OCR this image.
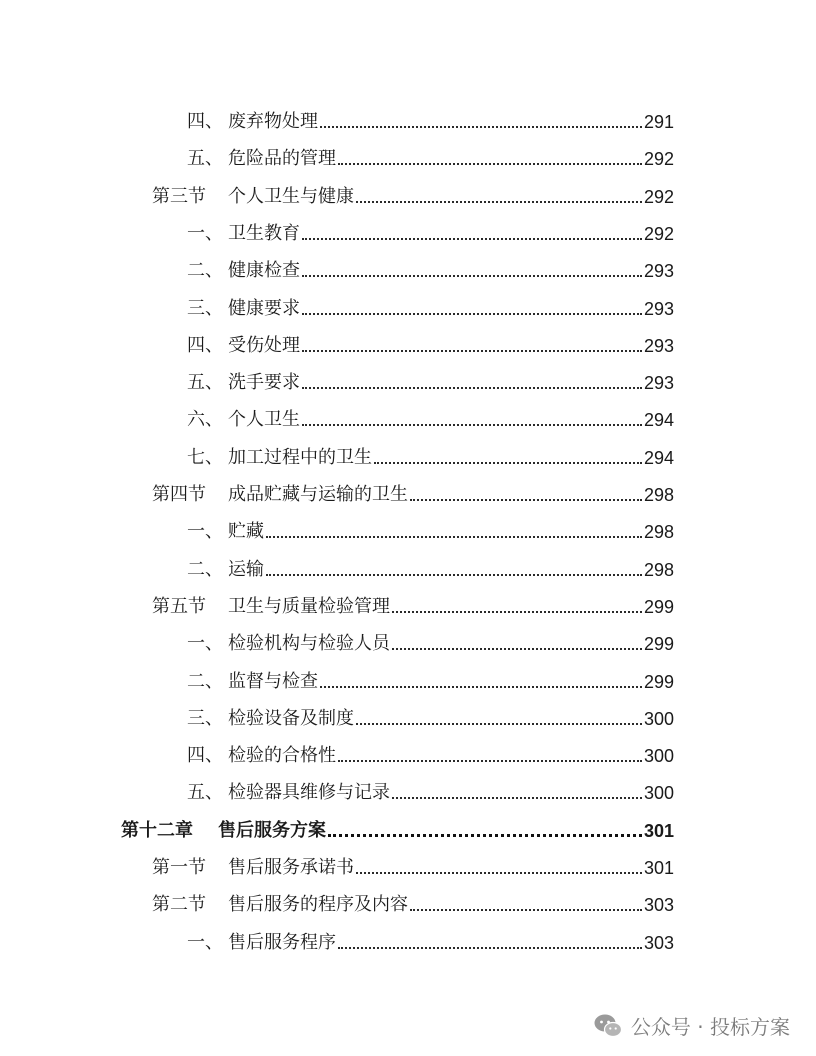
四、 废弃物处理	291
五、 危险品的管理	292
第三节	个人卫生与健康	292
一、 卫生教育	292
二、 健康检查	293
三、 健康要求	293
四、 受伤处理	293
五、 洗手要求	293
六、 个人卫生	294
七、 加工过程中的卫生	294
第四节	成品贮藏与运输的卫生	298
一、 贮藏	298
二、 运输	298
第五节	卫生与质量检验管理	299
一、 检验机构与检验人员	299
二、 监督与检查	299
三、 检验设备及制度	300
四、 检验的合格性	300
五、 检验器具维修与记录	300
第十二章	售后服务方案	301
第一节	售后服务承诺书	301
第二节	售后服务的程序及内容	303
一、 售后服务程序	303
公众号 · 投标方案
